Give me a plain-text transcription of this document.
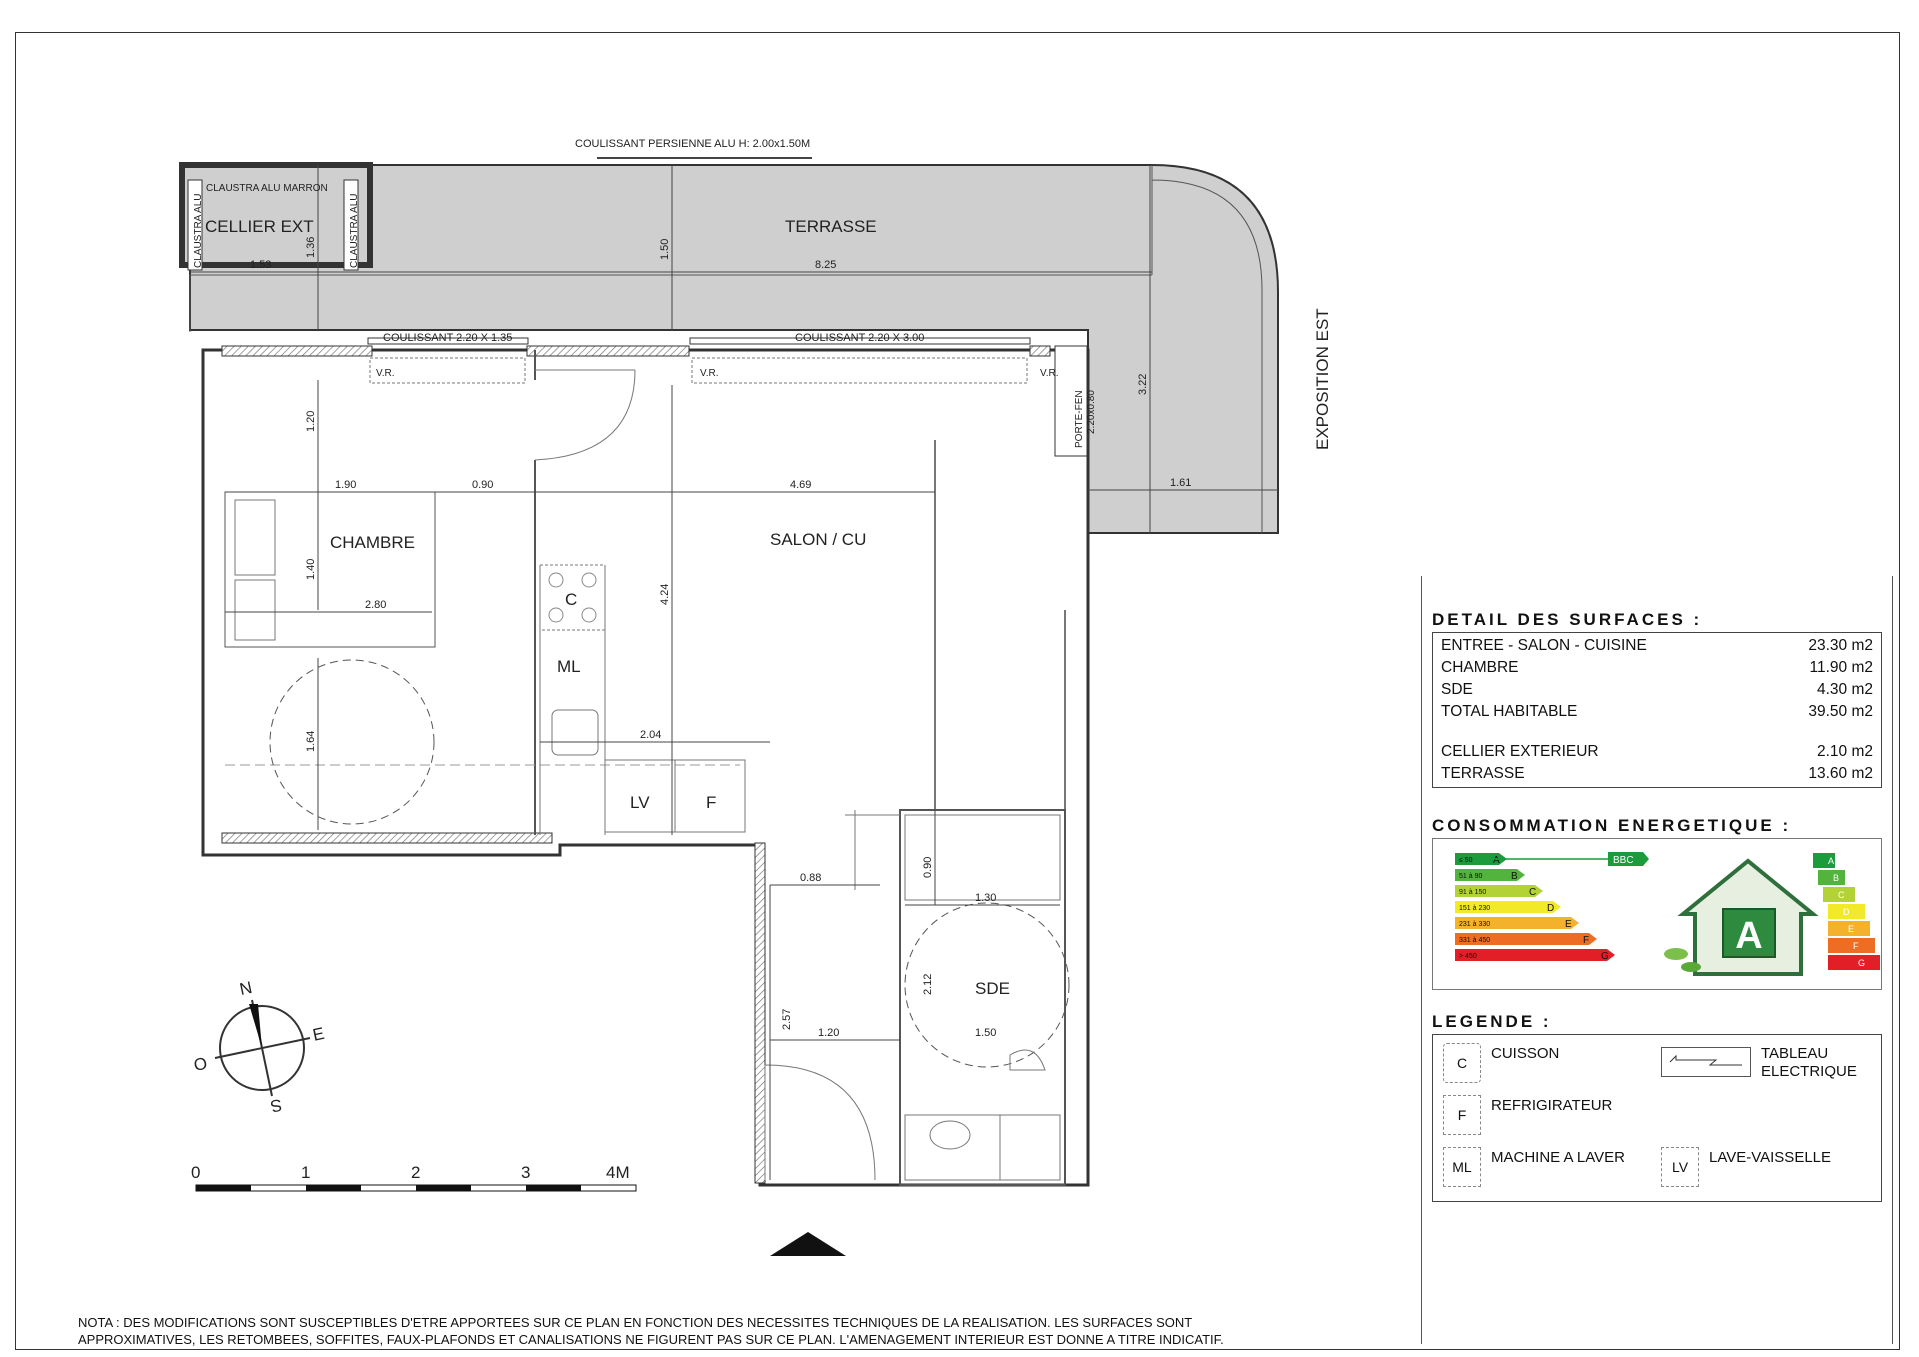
CELLIER EXT	TERRASSE
CHAMBRE	SALON / CU
SDE
EXPOSITION EST
COULISSANT PERSIENNE ALU H: 2.00x1.50M
CLAUSTRA ALU MARRON
CLAUSTRA ALU	CLAUSTRA ALU
COULISSANT 2.20 X 1.35	COULISSANT 2.20 X 3.00
V.R.	V.R.	V.R.
PORTE-FEN 2.20x0.80
C
ML
LV	F
1.53
1.36	1.50
8.25
3.22
1.61
1.20
1.90	0.90	4.69
1.40
2.80	4.24
1.64	2.04
0.88	0.90
1.30
2.12
2.57
1.20	1.50
N
E
S
O
0	1	2	3	4M
DETAIL DES SURFACES :
ENTREE - SALON - CUISINE	23.30 m2
CHAMBRE	11.90 m2
SDE	4.30 m2
TOTAL HABITABLE	39.50 m2
CELLIER EXTERIEUR	2.10 m2
TERRASSE	13.60 m2
CONSOMMATION ENERGETIQUE :
≤ 50 A
51 à 90	B
91 à 150	C
151 à 230	D
231 à 330	E
331 à 450	F
> 450	G
BBC
A
A
B
C
D
E
F
G
LEGENDE :
C
CUISSON	TABLEAU
ELECTRIQUE
F
REFRIGIRATEUR
ML
MACHINE A LAVER
LV
LAVE-VAISSELLE
NOTA : DES MODIFICATIONS SONT SUSCEPTIBLES D'ETRE APPORTEES SUR CE PLAN EN FONCTION DES NECESSITES TECHNIQUES DE LA REALISATION. LES SURFACES SONT
APPROXIMATIVES, LES RETOMBEES, SOFFITES, FAUX-PLAFONDS ET CANALISATIONS NE FIGURENT PAS SUR CE PLAN. L'AMENAGEMENT INTERIEUR EST DONNE A TITRE INDICATIF.
